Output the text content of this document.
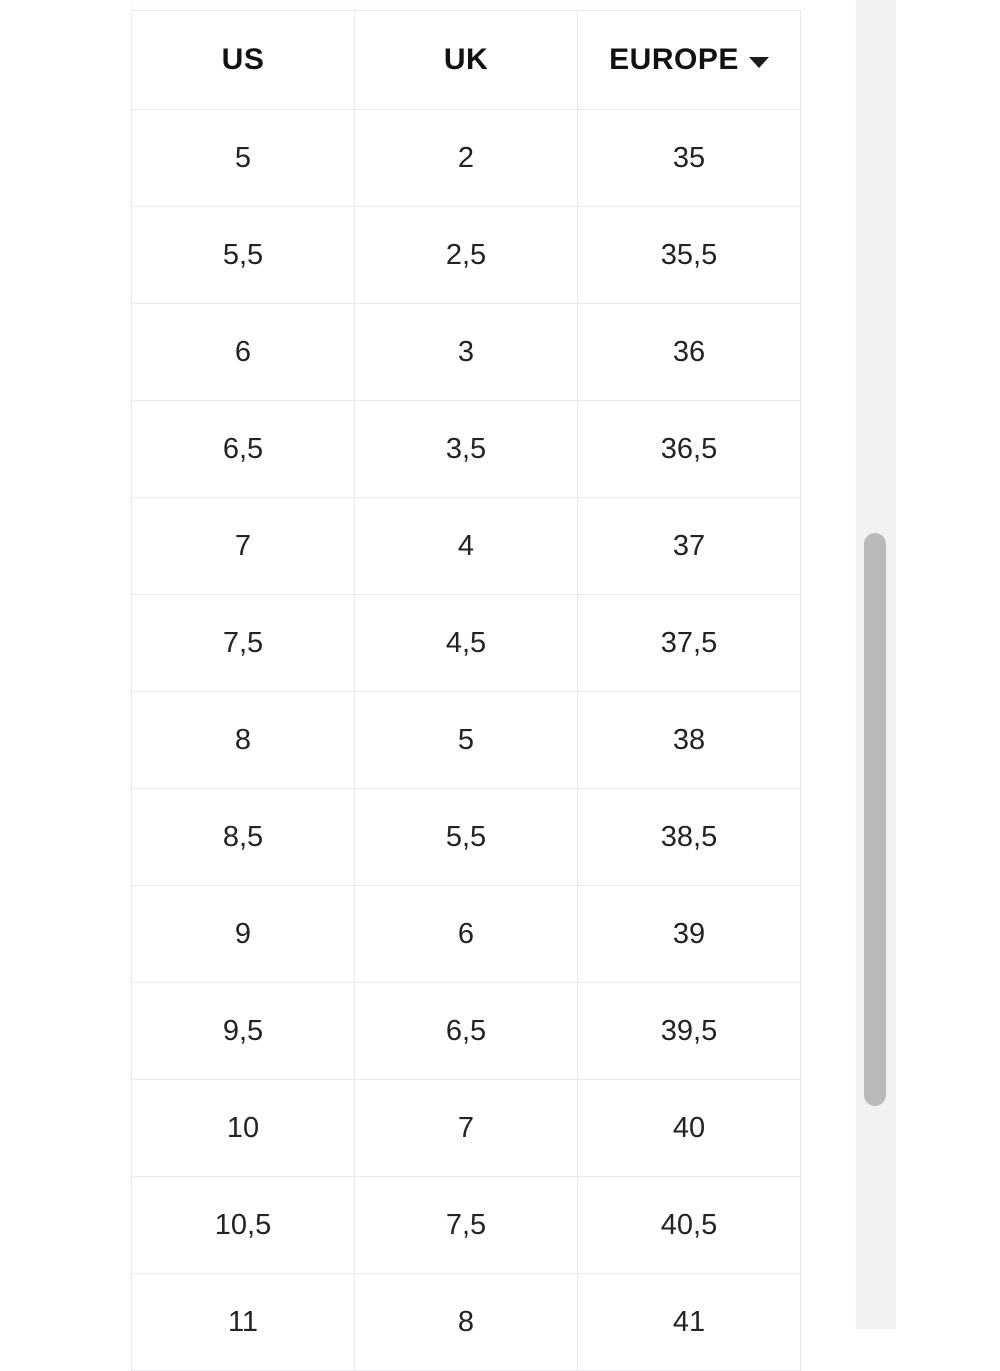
US	UK	EUROPE

5	2	35
5,5	2,5	35,5
6	3	36
6,5	3,5	36,5
7	4	37
7,5	4,5	37,5
8	5	38
8,5	5,5	38,5
9	6	39
9,5	6,5	39,5
10	7	40
10,5	7,5	40,5
11	8	41
